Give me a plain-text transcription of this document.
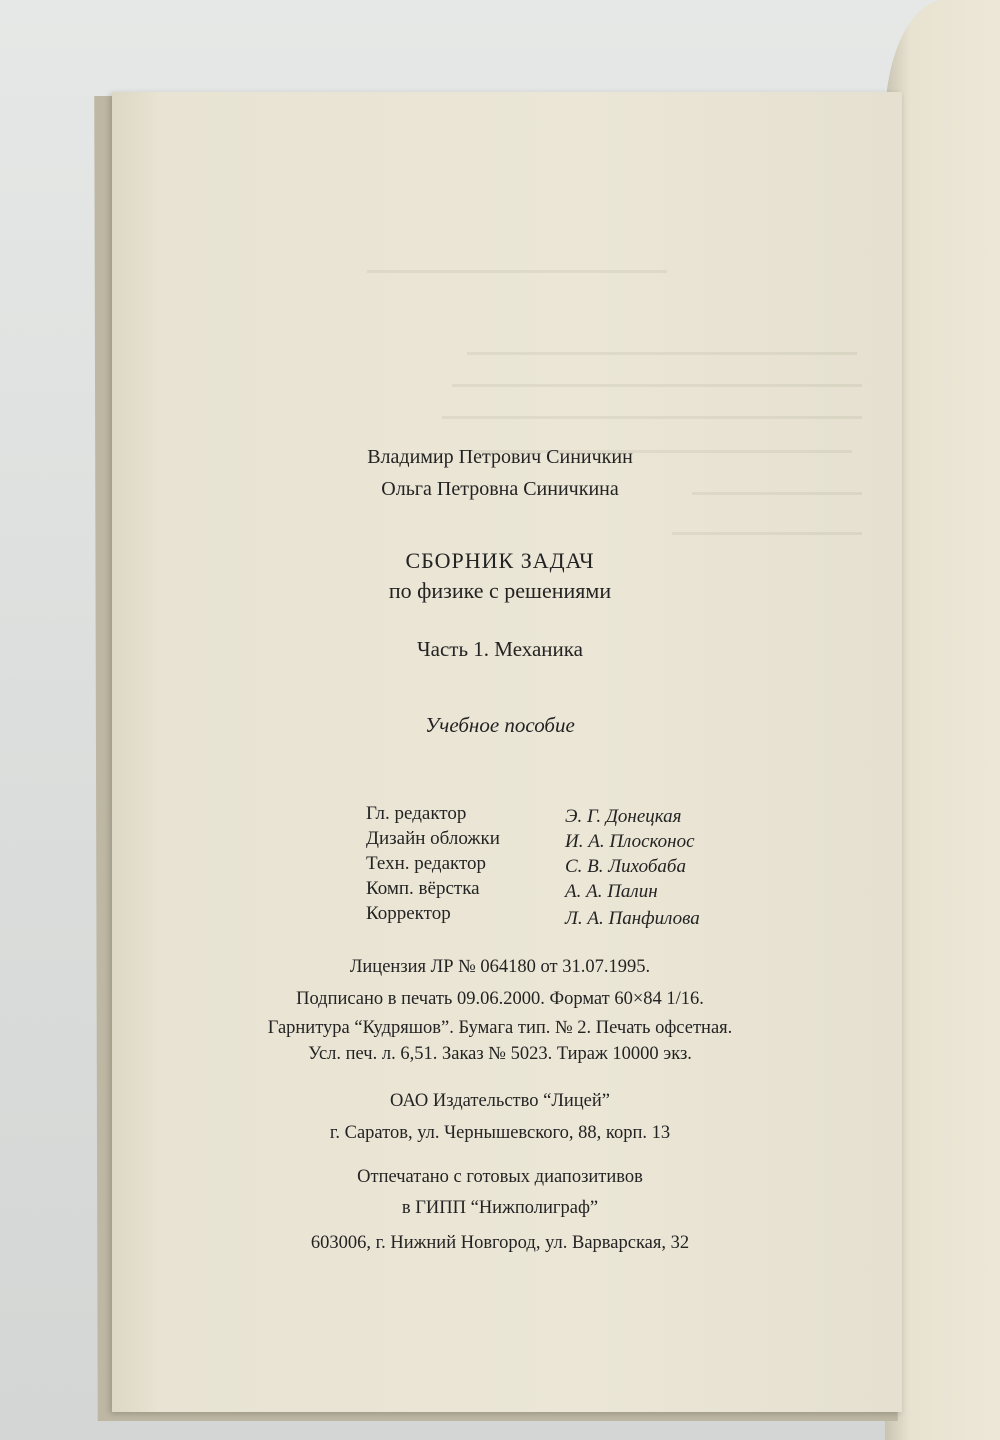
Владимир Петрович Синичкин
Ольга Петровна Синичкина
СБОРНИК ЗАДАЧ
по физике с решениями
Часть 1. Механика
Учебное пособие
Гл. редактор	Э. Г. Донецкая
Дизайн обложки	И. А. Плосконос
Техн. редактор	С. В. Лихобаба
Комп. вёрстка	А. А. Палин
Корректор	Л. А. Панфилова
Лицензия ЛР № 064180 от 31.07.1995.
Подписано в печать 09.06.2000. Формат 60×84 1/16.
Гарнитура “Кудряшов”. Бумага тип. № 2. Печать офсетная.
Усл. печ. л. 6,51. Заказ № 5023. Тираж 10000 экз.
ОАО Издательство “Лицей”
г. Саратов, ул. Чернышевского, 88, корп. 13
Отпечатано с готовых диапозитивов
в ГИПП “Нижполиграф”
603006, г. Нижний Новгород, ул. Варварская, 32
